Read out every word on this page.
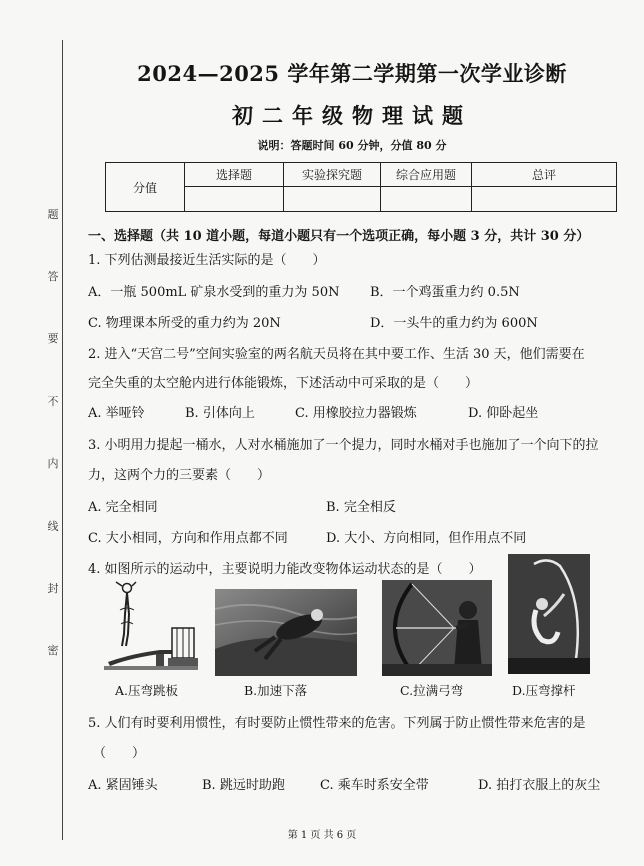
题
答
要
不
内
线
封
密
2024—2025 学年第二学期第一次学业诊断
初二年级物理试题
说明：答题时间 60 分钟，分值 80 分
分值	选择题	实验探究题	综合应用题	总评

一、选择题（共 10 道小题，每道小题只有一个选项正确，每小题 3 分，共计 30 分）
1. 下列估测最接近生活实际的是（　　）
A．一瓶 500mL 矿泉水受到的重力为 50N B．一个鸡蛋重力约 0.5N
C. 物理课本所受的重力约为 20N	D．一头牛的重力约为 600N
2. 进入“天宫二号”空间实验室的两名航天员将在其中要工作、生活 30 天，他们需要在
完全失重的太空舱内进行体能锻炼，下述活动中可采取的是（　　）
A. 举哑铃	B. 引体向上	C. 用橡胶拉力器锻炼	D. 仰卧起坐
3. 小明用力提起一桶水，人对水桶施加了一个提力，同时水桶对手也施加了一个向下的拉
力，这两个力的三要素（　　）
A. 完全相同	B. 完全相反
C. 大小相同，方向和作用点都不同	D. 大小、方向相同，但作用点不同
4. 如图所示的运动中，主要说明力能改变物体运动状态的是（　　）
A.压弯跳板	B.加速下落	C.拉满弓弯	D.压弯撑杆
5. 人们有时要利用惯性，有时要防止惯性带来的危害。下列属于防止惯性带来危害的是
（　　）
A. 紧固锤头	B. 跳远时助跑	C. 乘车时系安全带	D. 拍打衣服上的灰尘
第 1 页 共 6 页
